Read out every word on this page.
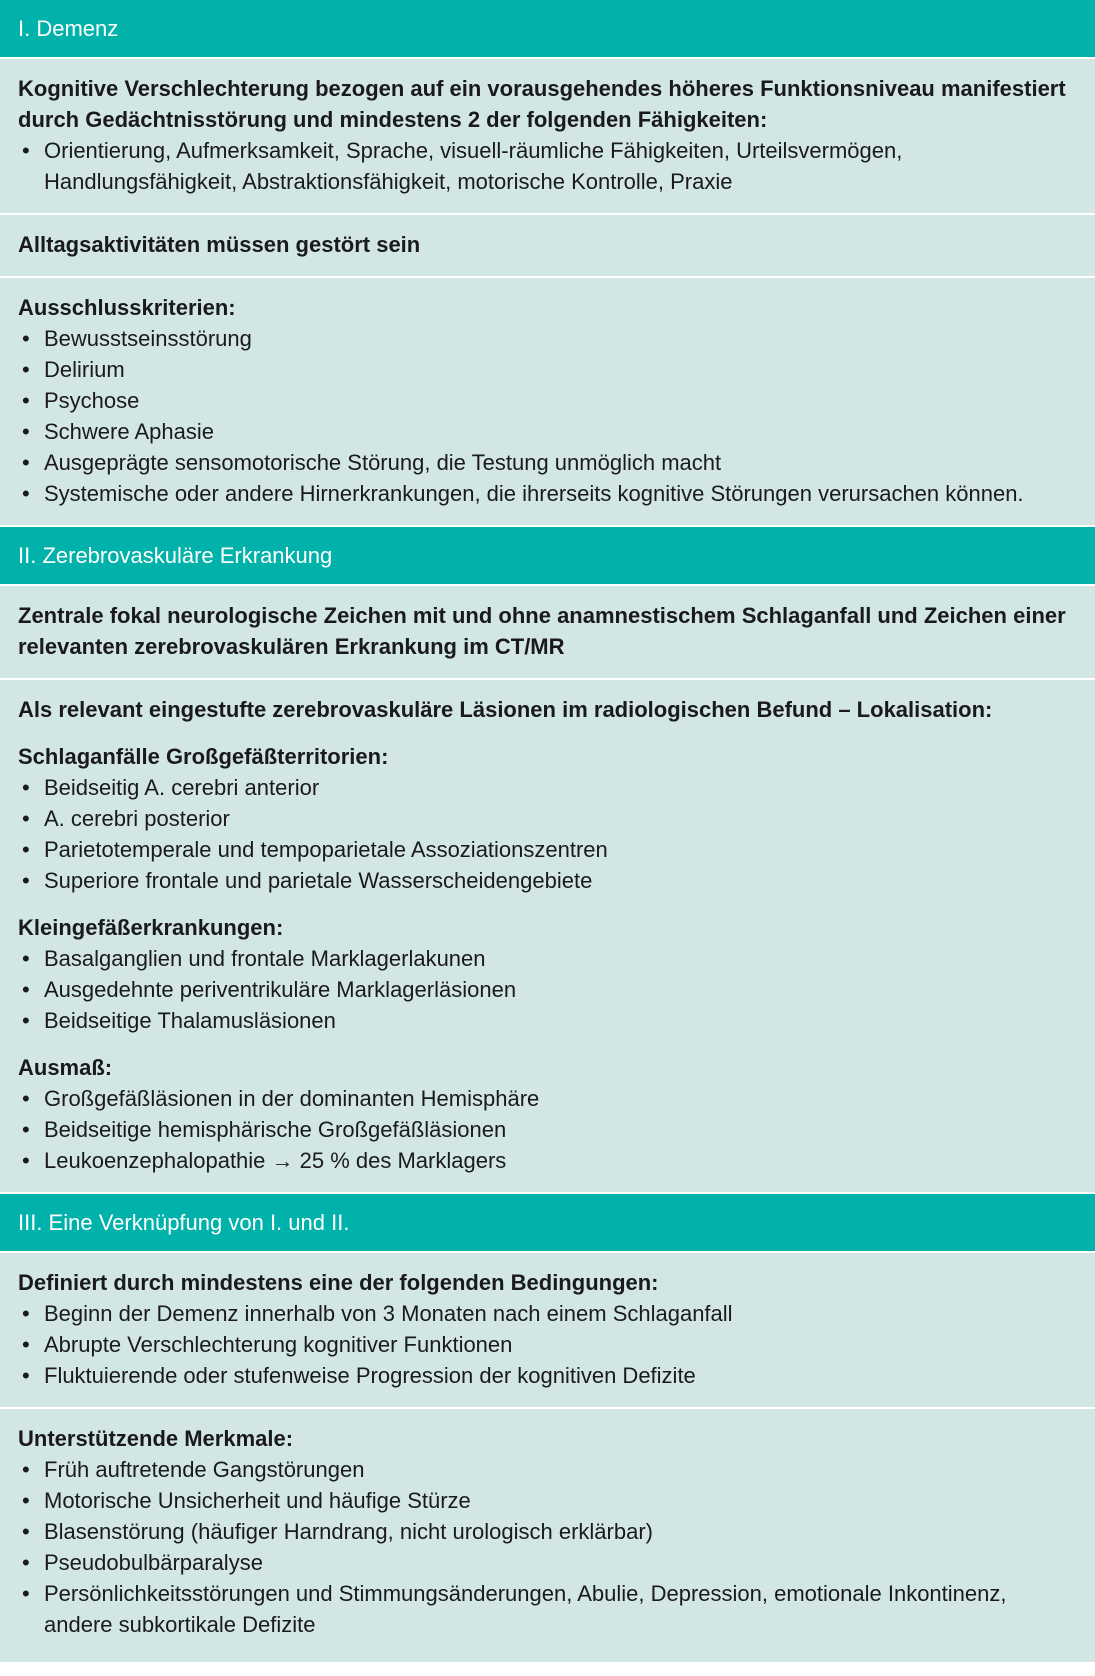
I. Demenz
Kognitive Verschlechterung bezogen auf ein vorausgehendes höheres Funktionsniveau manifestiert durch Gedächtnisstörung und mindestens 2 der folgenden Fähigkeiten:
• Orientierung, Aufmerksamkeit, Sprache, visuell-räumliche Fähigkeiten, Urteilsvermögen, Handlungsfähigkeit, Abstraktionsfähigkeit, motorische Kontrolle, Praxie
Alltagsaktivitäten müssen gestört sein
Ausschlusskriterien:
• Bewusstseinsstörung
• Delirium
• Psychose
• Schwere Aphasie
• Ausgeprägte sensomotorische Störung, die Testung unmöglich macht
• Systemische oder andere Hirnerkrankungen, die ihrerseits kognitive Störungen verursachen können.
II. Zerebrovaskuläre Erkrankung
Zentrale fokal neurologische Zeichen mit und ohne anamnestischem Schlaganfall und Zeichen einer relevanten zerebrovaskulären Erkrankung im CT/MR
Als relevant eingestufte zerebrovaskuläre Läsionen im radiologischen Befund – Lokalisation:
Schlaganfälle Großgefäßterritorien:
• Beidseitig A. cerebri anterior
• A. cerebri posterior
• Parietotemperale und tempoparietale Assoziationszentren
• Superiore frontale und parietale Wasserscheidengebiete
Kleingefäßerkrankungen:
• Basalganglien und frontale Marklagerlakunen
• Ausgedehnte periventrikuläre Marklagerläsionen
• Beidseitige Thalamusläsionen
Ausmaß:
• Großgefäßläsionen in der dominanten Hemisphäre
• Beidseitige hemisphärische Großgefäßläsionen
• Leukoenzephalopathie → 25 % des Marklagers
III. Eine Verknüpfung von I. und II.
Definiert durch mindestens eine der folgenden Bedingungen:
• Beginn der Demenz innerhalb von 3 Monaten nach einem Schlaganfall
• Abrupte Verschlechterung kognitiver Funktionen
• Fluktuierende oder stufenweise Progression der kognitiven Defizite
Unterstützende Merkmale:
• Früh auftretende Gangstörungen
• Motorische Unsicherheit und häufige Stürze
• Blasenstörung (häufiger Harndrang, nicht urologisch erklärbar)
• Pseudobulbärparalyse
• Persönlichkeitsstörungen und Stimmungsänderungen, Abulie, Depression, emotionale Inkontinenz, andere subkortikale Defizite
